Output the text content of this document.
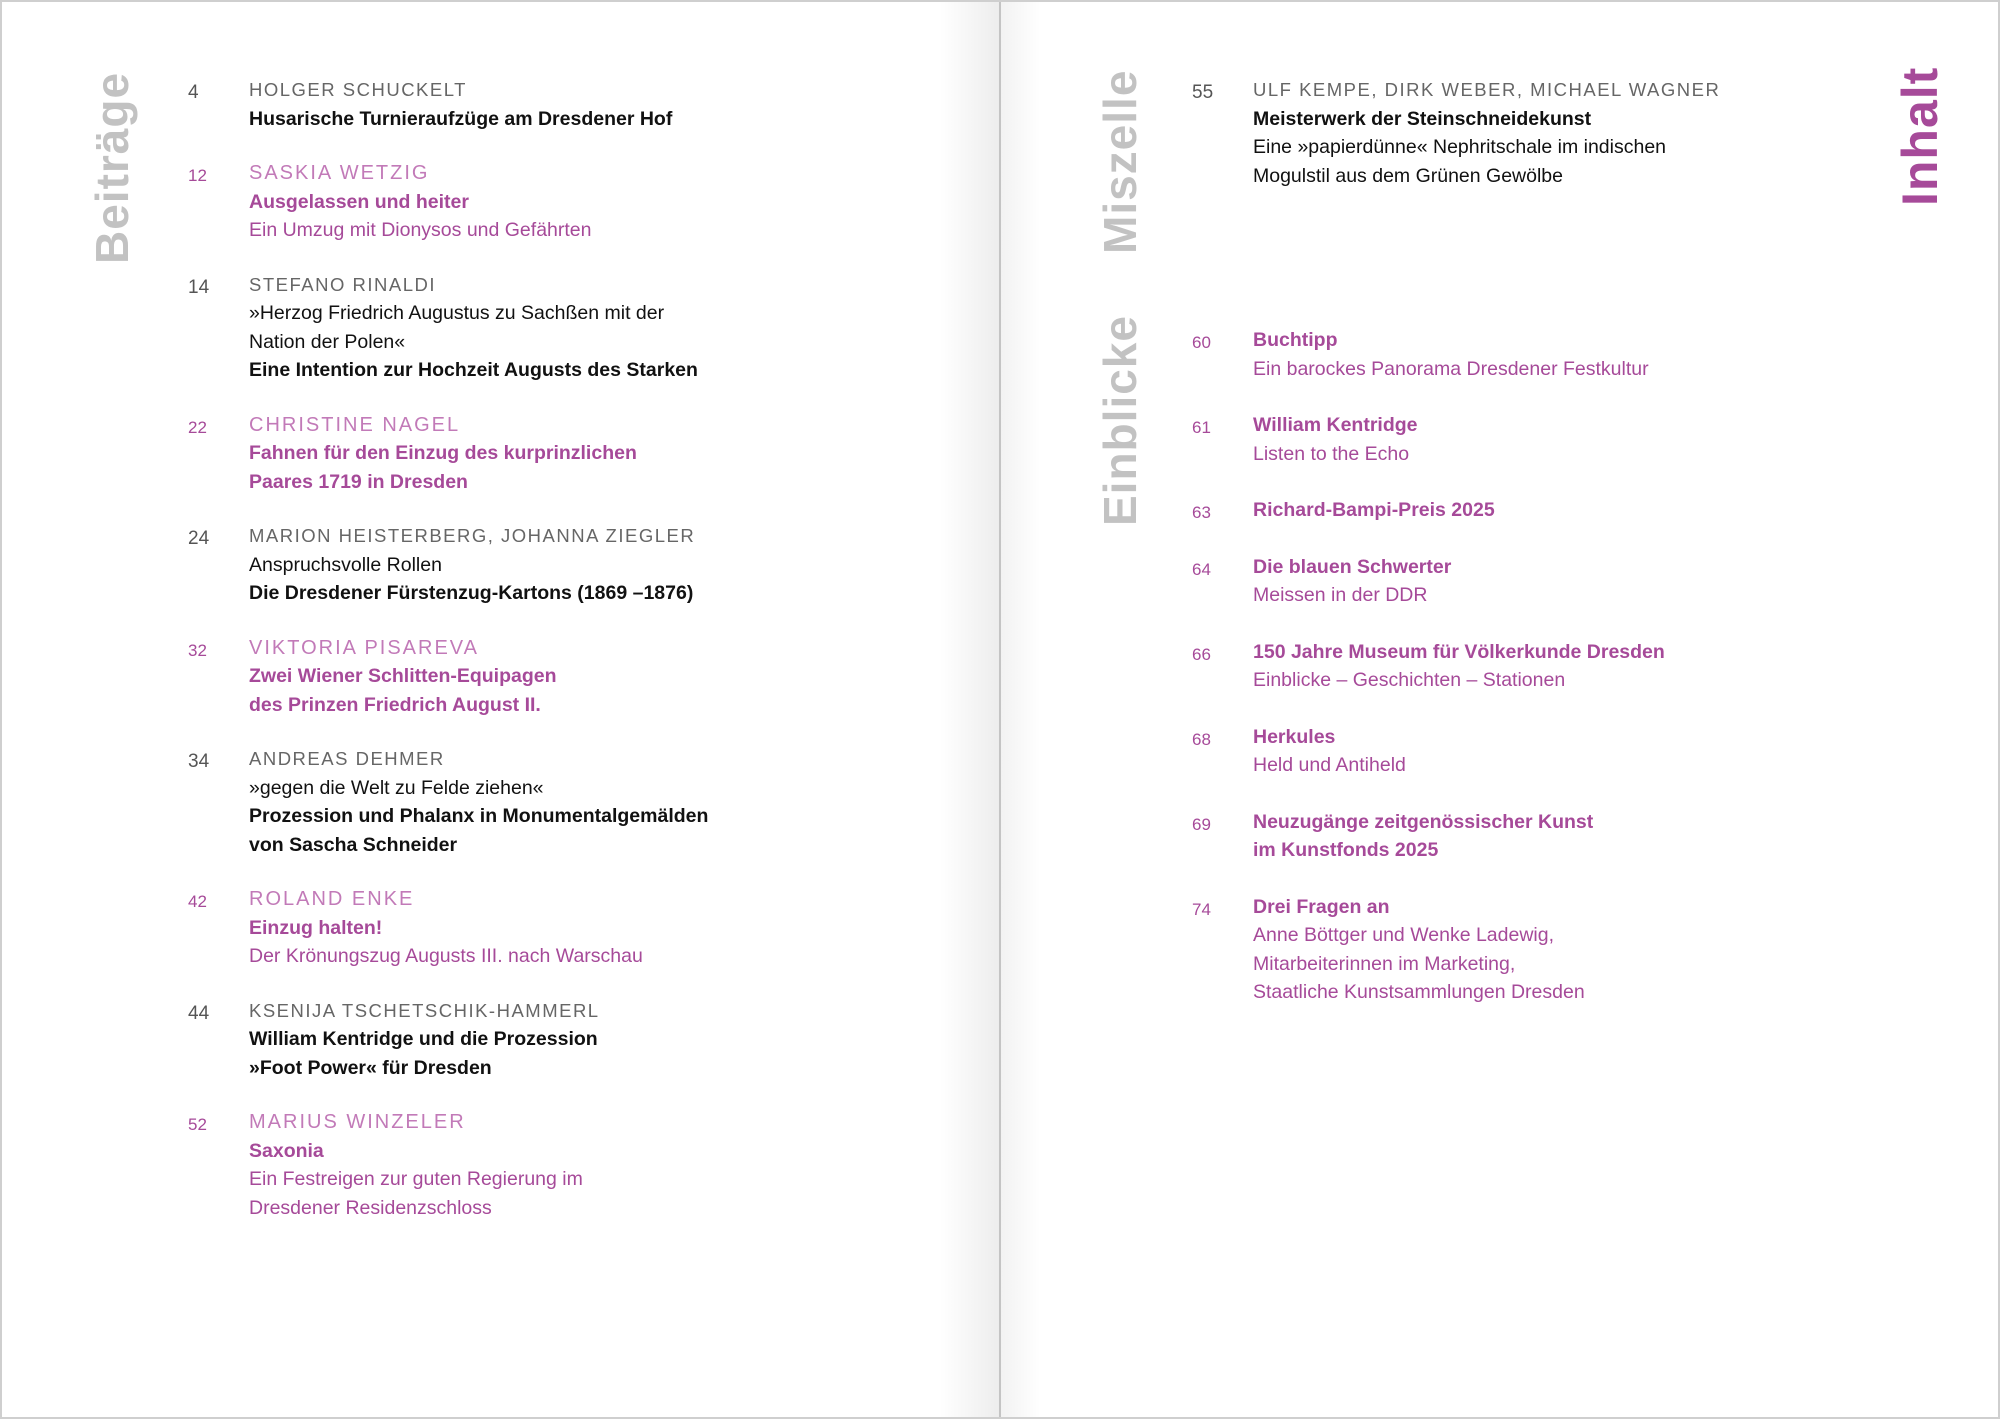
Beiträge	4	HOLGER SCHUCKELT
Husarische Turnieraufzüge am Dresdener Hof
12 SASKIA WETZIG
Ausgelassen und heiter
Ein Umzug mit Dionysos und Gefährten
14 STEFANO RINALDI
»Herzog Friedrich Augustus zu Sachßen mit der
Nation der Polen«
Eine Intention zur Hochzeit Augusts des Starken
22 CHRISTINE NAGEL
Fahnen für den Einzug des kurprinzlichen
Paares 1719 in Dresden
24 MARION HEISTERBERG, JOHANNA ZIEGLER
Anspruchsvolle Rollen
Die Dresdener Fürstenzug-Kartons (1869 –1876)
32 VIKTORIA PISAREVA
Zwei Wiener Schlitten-Equipagen
des Prinzen Friedrich August II.
34 ANDREAS DEHMER
»gegen die Welt zu Felde ziehen«
Prozession und Phalanx in Monumentalgemälden
von Sascha Schneider
42 ROLAND ENKE
Einzug halten!
Der Krönungszug Augusts III. nach Warschau
44 KSENIJA TSCHETSCHIK-HAMMERL
William Kentridge und die Prozession
»Foot Power« für Dresden
52 MARIUS WINZELER
Saxonia
Ein Festreigen zur guten Regierung im
Dresdener Residenzschloss
Miszelle
Einblicke
Inhalt
55 ULF KEMPE, DIRK WEBER, MICHAEL WAGNER
Meisterwerk der Steinschneidekunst
Eine »papierdünne« Nephritschale im indischen
Mogulstil aus dem Grünen Gewölbe
60 Buchtipp
Ein barockes Panorama Dresdener Festkultur
61 William Kentridge
Listen to the Echo
63 Richard-Bampi-Preis 2025
64 Die blauen Schwerter
Meissen in der DDR
66 150 Jahre Museum für Völkerkunde Dresden
Einblicke – Geschichten – Stationen
68 Herkules
Held und Antiheld
69 Neuzugänge zeitgenössischer Kunst
im Kunstfonds 2025
74 Drei Fragen an
Anne Böttger und Wenke Ladewig,
Mitarbeiterinnen im Marketing,
Staatliche Kunstsammlungen Dresden
